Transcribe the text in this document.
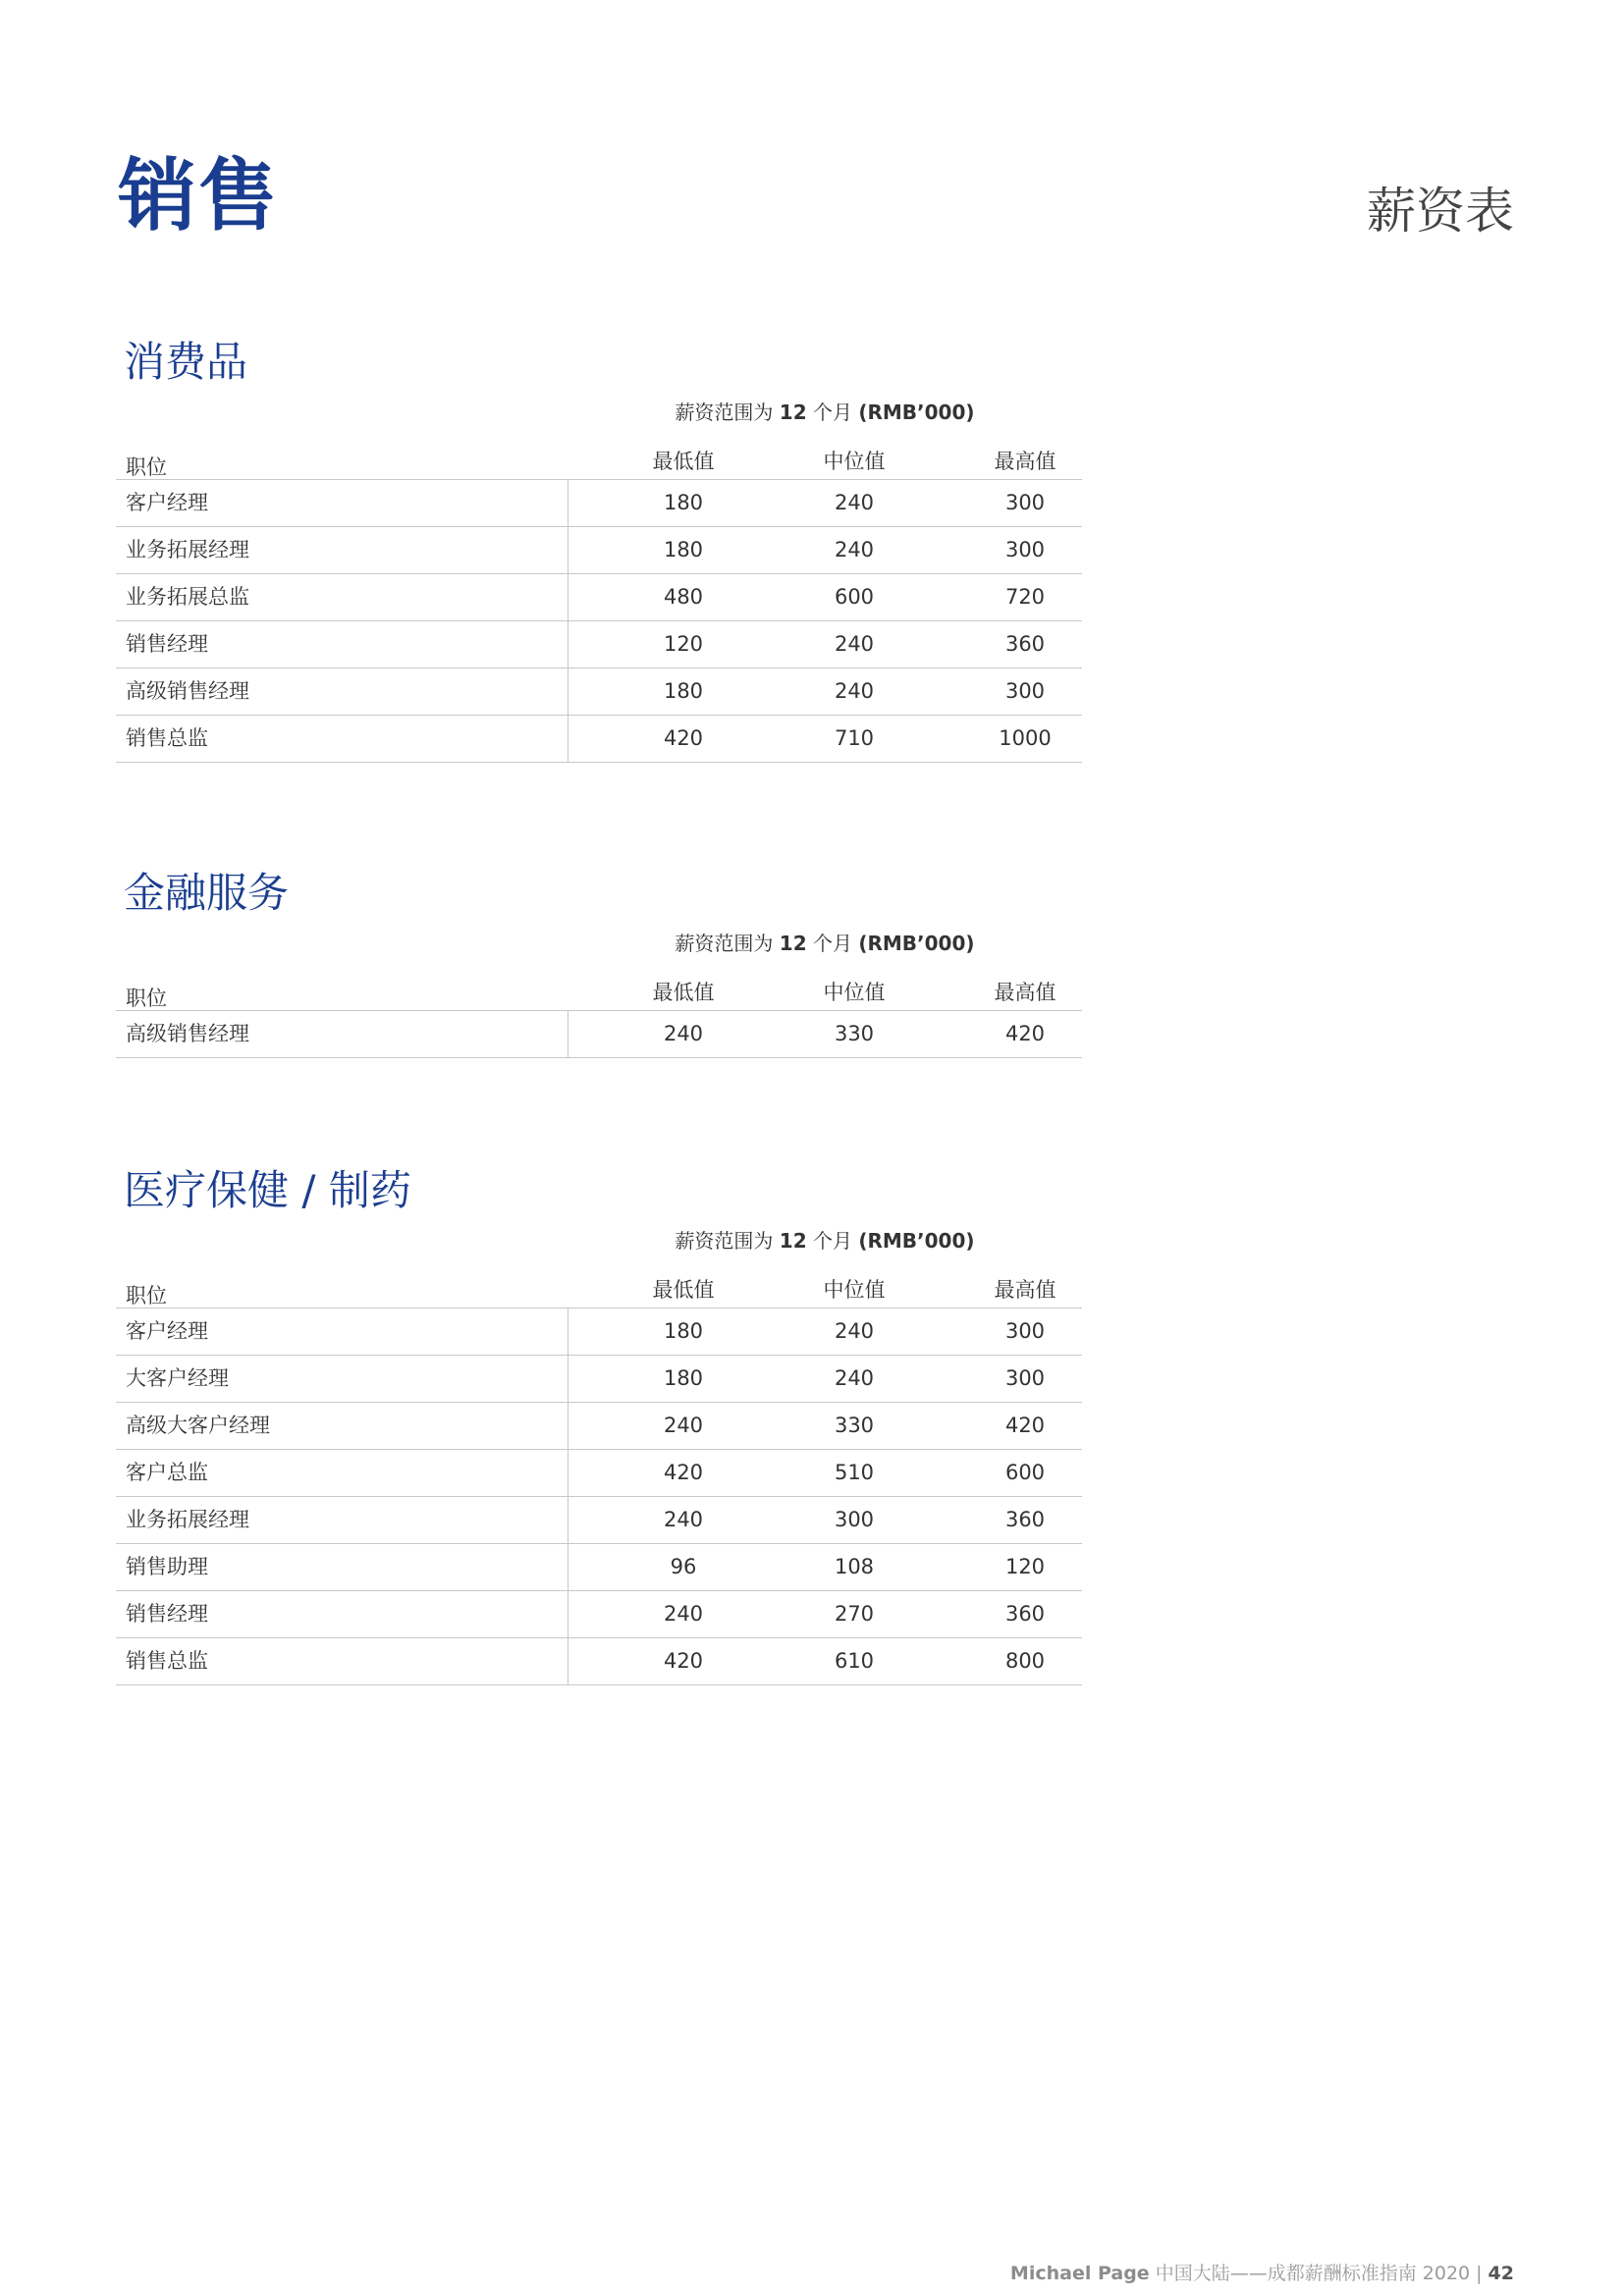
销售	薪资表
消费品
薪资范围为 12 个月 (RMB’000)
职位	最低值	中位值	最高值
客户经理	180	240	300
业务拓展经理	180	240	300
业务拓展总监	480	600	720
销售经理	120	240	360
高级销售经理	180	240	300
销售总监	420	710	1000
金融服务
薪资范围为 12 个月 (RMB’000)
职位	最低值	中位值	最高值
高级销售经理	240	330	420
医疗保健 / 制药
薪资范围为 12 个月 (RMB’000)
职位	最低值	中位值	最高值
客户经理	180	240	300
大客户经理	180	240	300
高级大客户经理	240	330	420
客户总监	420	510	600
业务拓展经理	240	300	360
销售助理	96	108	120
销售经理	240	270	360
销售总监	420	610	800
Michael Page 中国大陆——成都薪酬标准指南 2020 | 42
